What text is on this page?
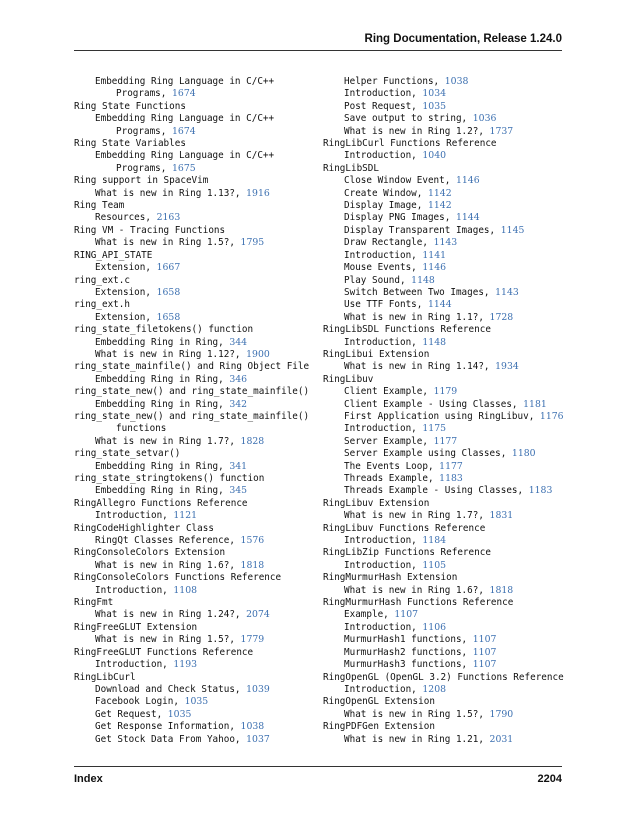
Ring Documentation, Release 1.24.0
Embedding Ring Language in C/C++
Programs, 1674
Ring State Functions
Embedding Ring Language in C/C++
Programs, 1674
Ring State Variables
Embedding Ring Language in C/C++
Programs, 1675
Ring support in SpaceVim
What is new in Ring 1.13?, 1916
Ring Team
Resources, 2163
Ring VM - Tracing Functions
What is new in Ring 1.5?, 1795
RING_API_STATE
Extension, 1667
ring_ext.c
Extension, 1658
ring_ext.h
Extension, 1658
ring_state_filetokens() function
Embedding Ring in Ring, 344
What is new in Ring 1.12?, 1900
ring_state_mainfile() and Ring Object File
Embedding Ring in Ring, 346
ring_state_new() and ring_state_mainfile()
Embedding Ring in Ring, 342
ring_state_new() and ring_state_mainfile()
functions
What is new in Ring 1.7?, 1828
ring_state_setvar()
Embedding Ring in Ring, 341
ring_state_stringtokens() function
Embedding Ring in Ring, 345
RingAllegro Functions Reference
Introduction, 1121
RingCodeHighlighter Class
RingQt Classes Reference, 1576
RingConsoleColors Extension
What is new in Ring 1.6?, 1818
RingConsoleColors Functions Reference
Introduction, 1108
RingFmt
What is new in Ring 1.24?, 2074
RingFreeGLUT Extension
What is new in Ring 1.5?, 1779
RingFreeGLUT Functions Reference
Introduction, 1193
RingLibCurl
Download and Check Status, 1039
Facebook Login, 1035
Get Request, 1035
Get Response Information, 1038
Get Stock Data From Yahoo, 1037
Helper Functions, 1038
Introduction, 1034
Post Request, 1035
Save output to string, 1036
What is new in Ring 1.2?, 1737
RingLibCurl Functions Reference
Introduction, 1040
RingLibSDL
Close Window Event, 1146
Create Window, 1142
Display Image, 1142
Display PNG Images, 1144
Display Transparent Images, 1145
Draw Rectangle, 1143
Introduction, 1141
Mouse Events, 1146
Play Sound, 1148
Switch Between Two Images, 1143
Use TTF Fonts, 1144
What is new in Ring 1.1?, 1728
RingLibSDL Functions Reference
Introduction, 1148
RingLibui Extension
What is new in Ring 1.14?, 1934
RingLibuv
Client Example, 1179
Client Example - Using Classes, 1181
First Application using RingLibuv, 1176
Introduction, 1175
Server Example, 1177
Server Example using Classes, 1180
The Events Loop, 1177
Threads Example, 1183
Threads Example - Using Classes, 1183
RingLibuv Extension
What is new in Ring 1.7?, 1831
RingLibuv Functions Reference
Introduction, 1184
RingLibZip Functions Reference
Introduction, 1105
RingMurmurHash Extension
What is new in Ring 1.6?, 1818
RingMurmurHash Functions Reference
Example, 1107
Introduction, 1106
MurmurHash1 functions, 1107
MurmurHash2 functions, 1107
MurmurHash3 functions, 1107
RingOpenGL (OpenGL 3.2) Functions Reference
Introduction, 1208
RingOpenGL Extension
What is new in Ring 1.5?, 1790
RingPDFGen Extension
What is new in Ring 1.21, 2031
Index	2204
